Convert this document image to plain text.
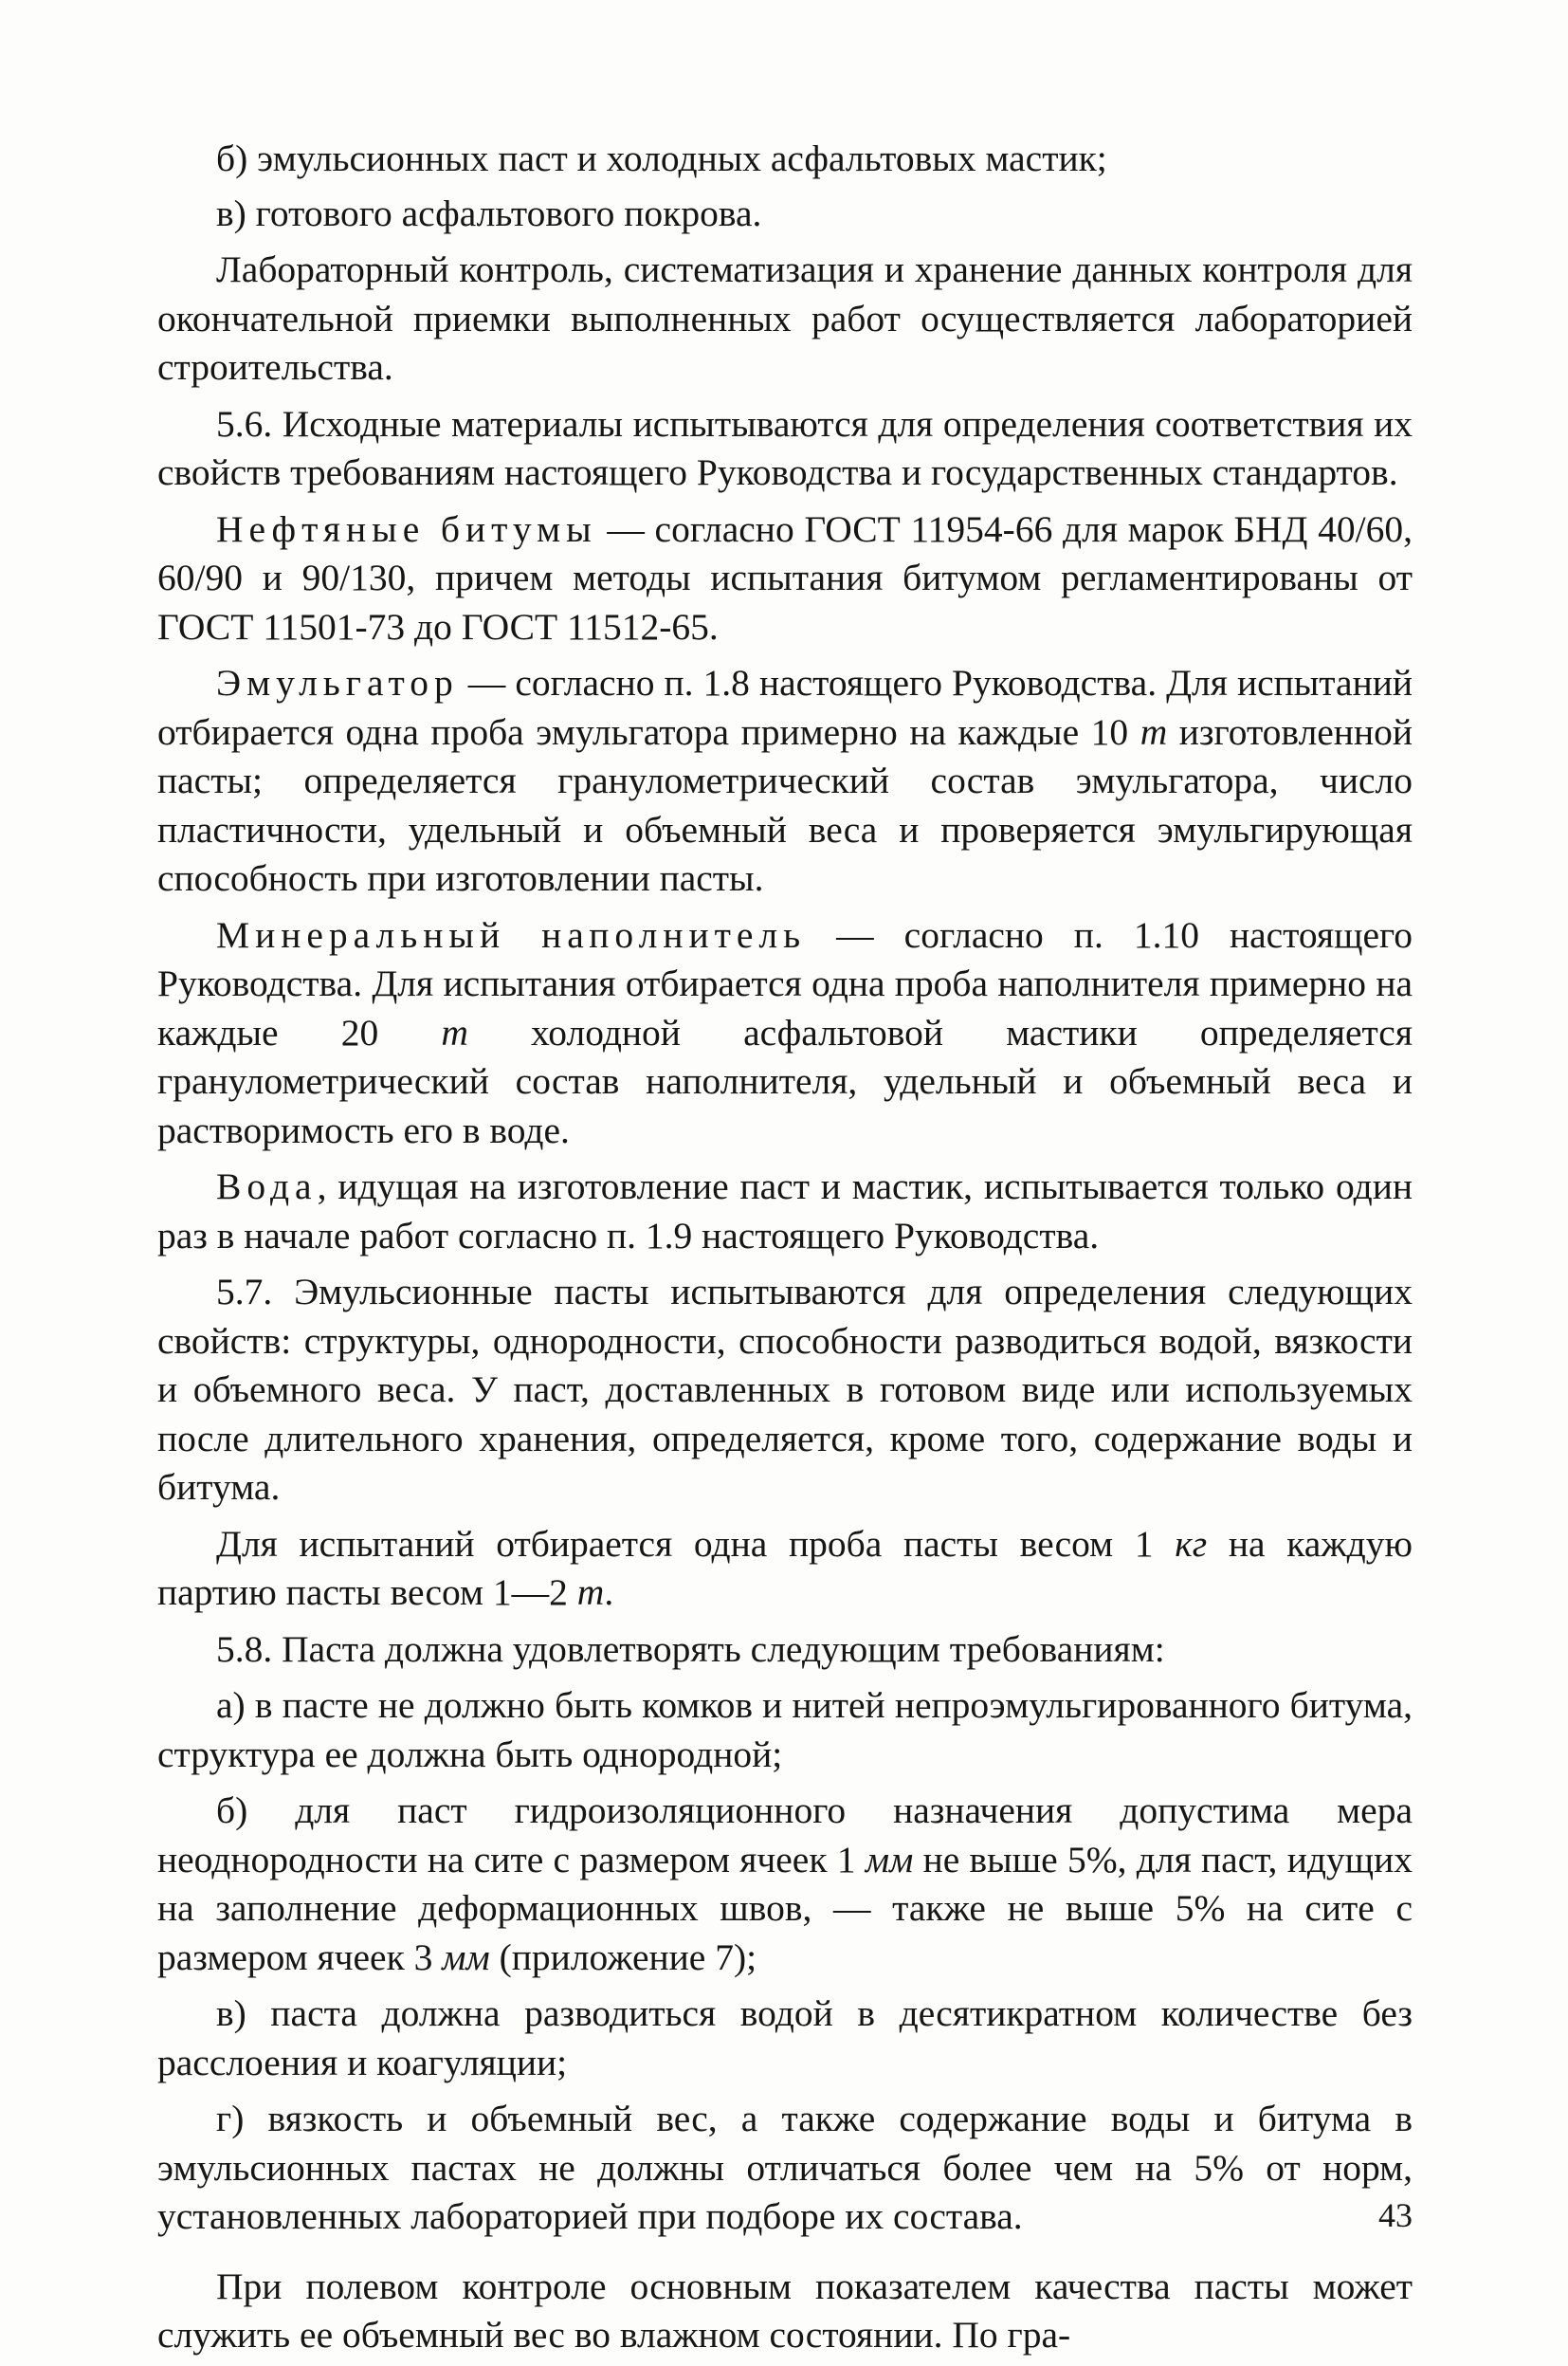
б) эмульсионных паст и холодных асфальтовых мастик;

в) готового асфальтового покрова.

Лабораторный контроль, систематизация и хранение данных контроля для окончательной приемки выполненных работ осуществляется лабораторией строительства.

5.6. Исходные материалы испытываются для определения соответствия их свойств требованиям настоящего Руководства и государственных стандартов.

Нефтяные битумы — согласно ГОСТ 11954-66 для марок БНД 40/60, 60/90 и 90/130, причем методы испытания битумом регламентированы от ГОСТ 11501-73 до ГОСТ 11512-65.

Эмульгатор — согласно п. 1.8 настоящего Руководства. Для испытаний отбирается одна проба эмульгатора примерно на каждые 10 т изготовленной пасты; определяется гранулометрический состав эмульгатора, число пластичности, удельный и объемный веса и проверяется эмульгирующая способность при изготовлении пасты.

Минеральный наполнитель — согласно п. 1.10 настоящего Руководства. Для испытания отбирается одна проба наполнителя примерно на каждые 20 т холодной асфальтовой мастики определяется гранулометрический состав наполнителя, удельный и объемный веса и растворимость его в воде.

Вода, идущая на изготовление паст и мастик, испытывается только один раз в начале работ согласно п. 1.9 настоящего Руководства.

5.7. Эмульсионные пасты испытываются для определения следующих свойств: структуры, однородности, способности разводиться водой, вязкости и объемного веса. У паст, доставленных в готовом виде или используемых после длительного хранения, определяется, кроме того, содержание воды и битума.

Для испытаний отбирается одна проба пасты весом 1 кг на каждую партию пасты весом 1—2 т.

5.8. Паста должна удовлетворять следующим требованиям:

а) в пасте не должно быть комков и нитей непроэмульгированного битума, структура ее должна быть однородной;

б) для паст гидроизоляционного назначения допустима мера неоднородности на сите с размером ячеек 1 мм не выше 5%, для паст, идущих на заполнение деформационных швов, — также не выше 5% на сите с размером ячеек 3 мм (приложение 7);

в) паста должна разводиться водой в десятикратном количестве без расслоения и коагуляции;

г) вязкость и объемный вес, а также содержание воды и битума в эмульсионных пастах не должны отличаться более чем на 5% от норм, установленных лабораторией при подборе их состава.

При полевом контроле основным показателем качества пасты может служить ее объемный вес во влажном состоянии. По гра-

43
